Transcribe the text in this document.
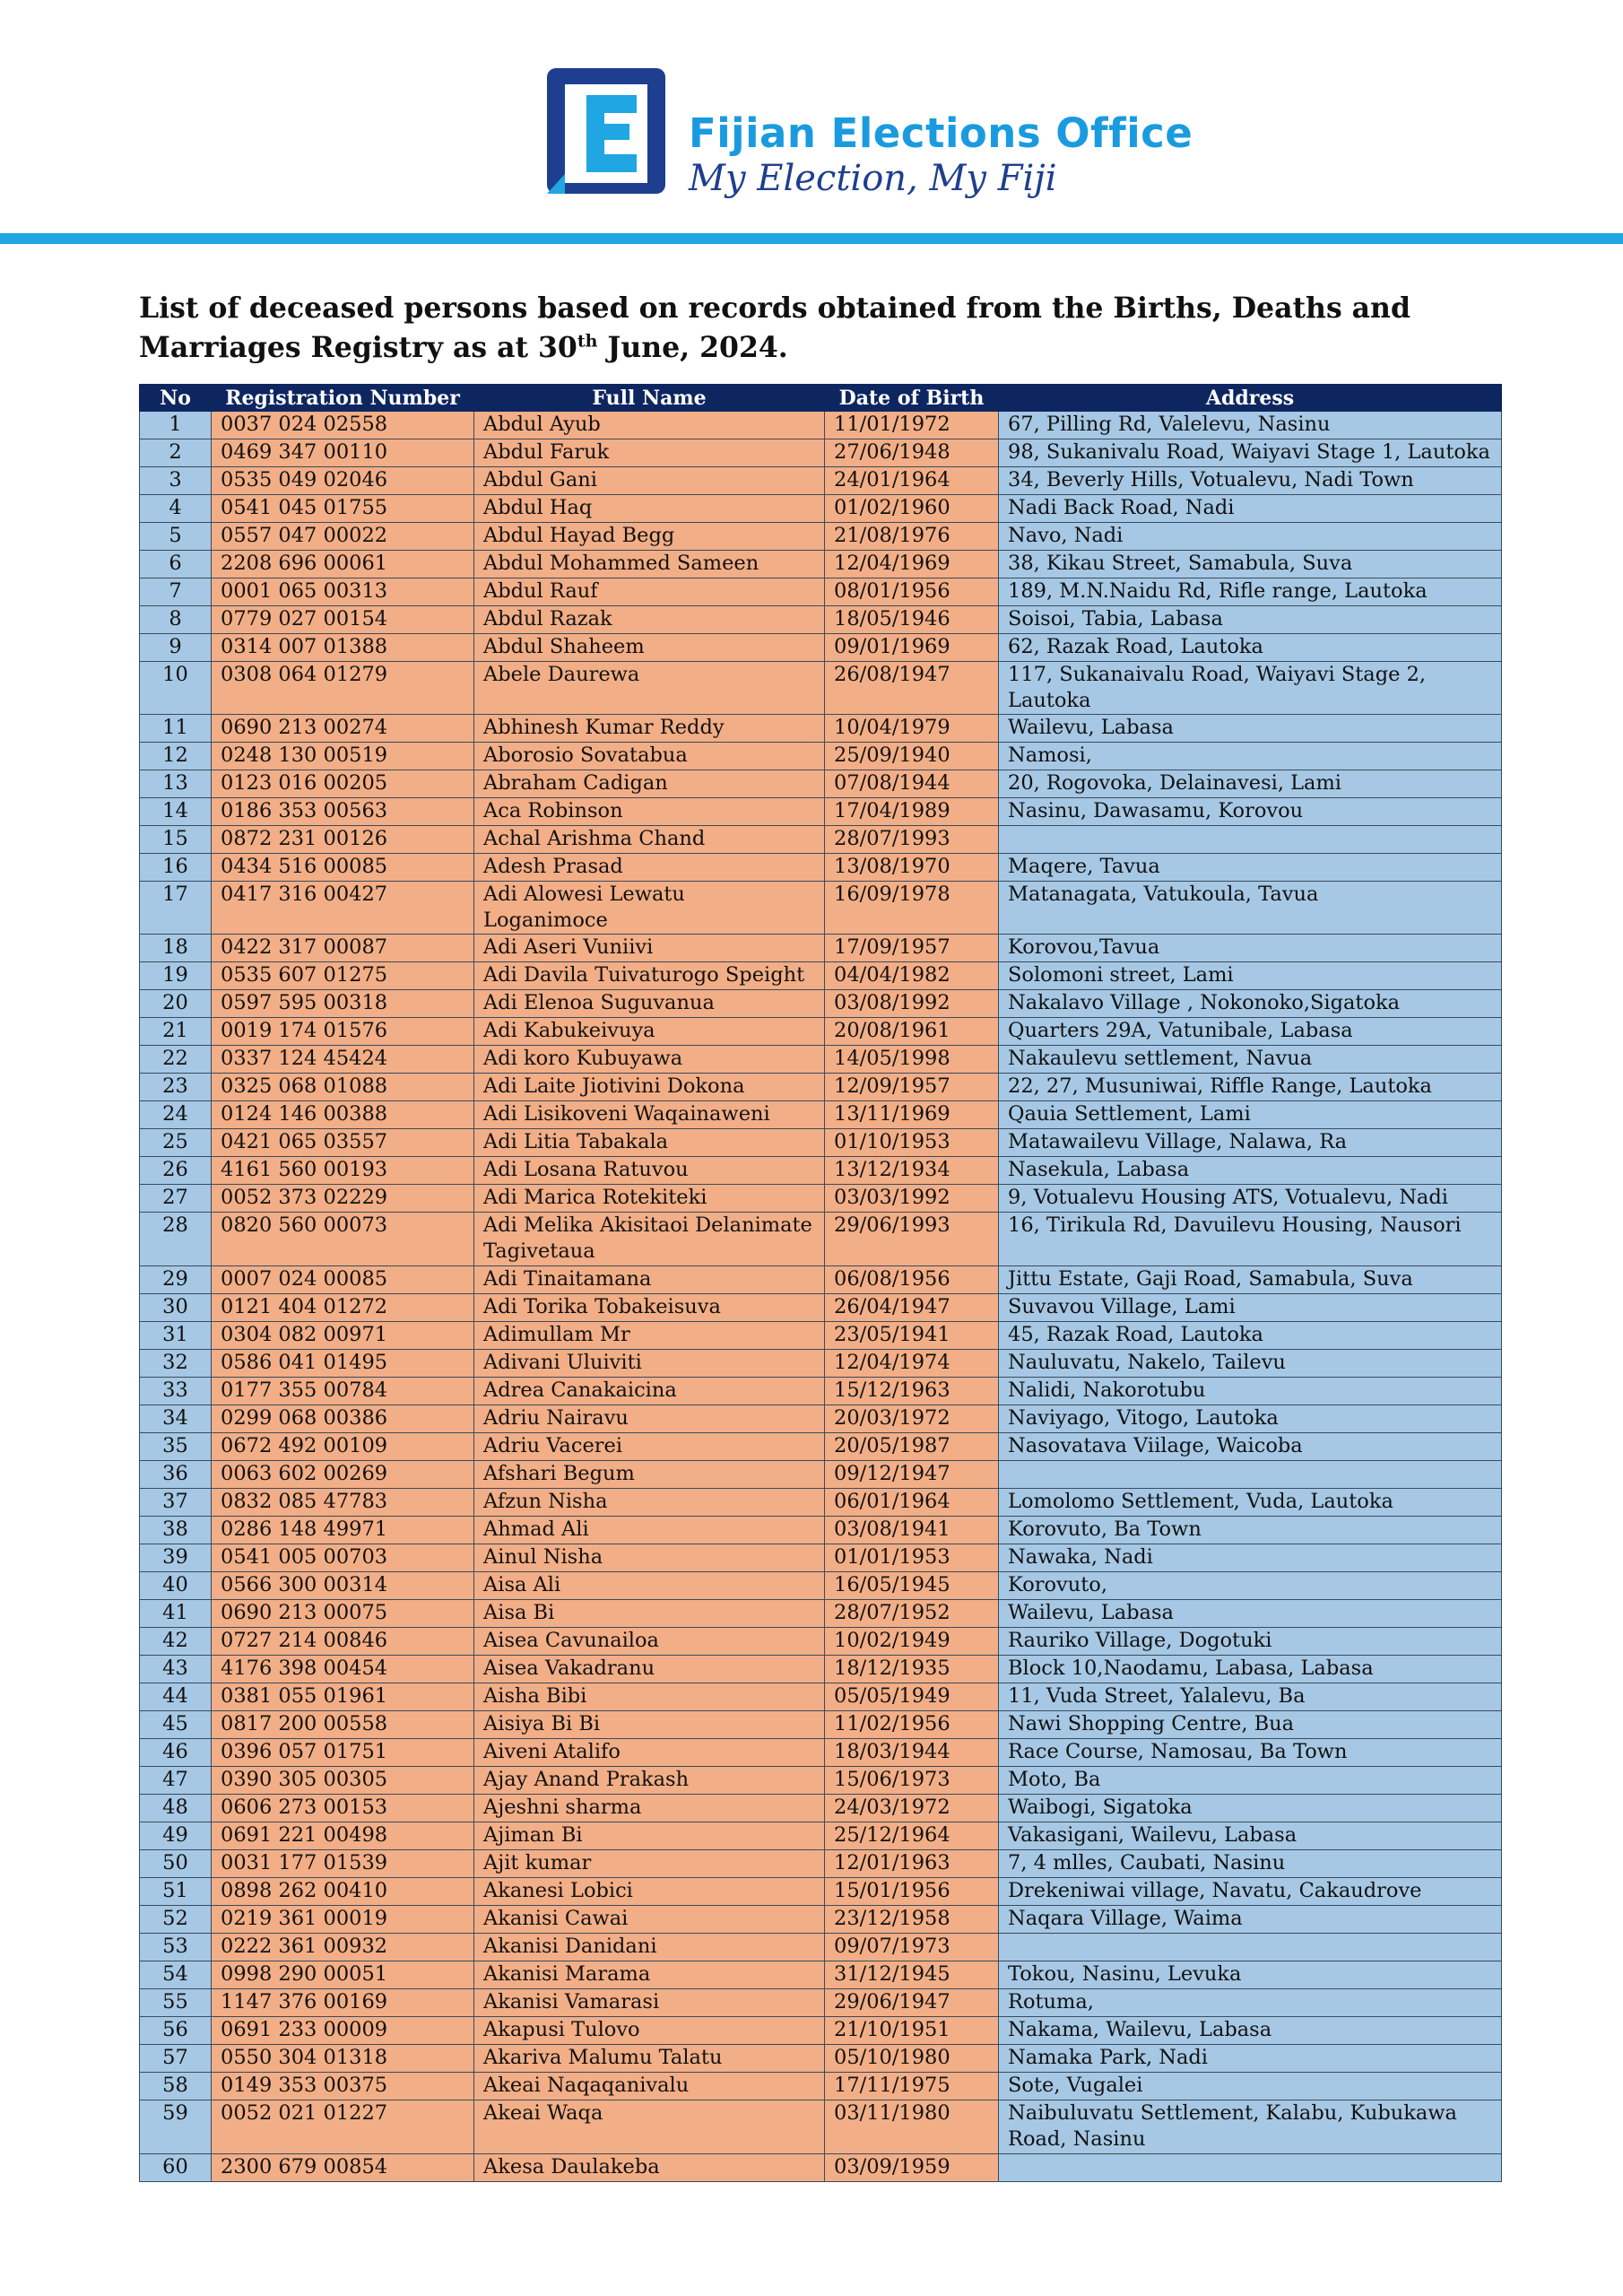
Fijian Elections Office
My Election, My Fiji
List of deceased persons based on records obtained from the Births, Deaths and Marriages Registry as at 30th June, 2024.
No	Registration Number	Full Name	Date of Birth	Address
1	0037 024 02558	Abdul Ayub	11/01/1972	67, Pilling Rd, Valelevu, Nasinu
2	0469 347 00110	Abdul Faruk	27/06/1948	98, Sukanivalu Road, Waiyavi Stage 1, Lautoka
3	0535 049 02046	Abdul Gani	24/01/1964	34, Beverly Hills, Votualevu, Nadi Town
4	0541 045 01755	Abdul Haq	01/02/1960	Nadi Back Road, Nadi
5	0557 047 00022	Abdul Hayad Begg	21/08/1976	Navo, Nadi
6	2208 696 00061	Abdul Mohammed Sameen	12/04/1969	38, Kikau Street, Samabula, Suva
7	0001 065 00313	Abdul Rauf	08/01/1956	189, M.N.Naidu Rd, Rifle range, Lautoka
8	0779 027 00154	Abdul Razak	18/05/1946	Soisoi, Tabia, Labasa
9	0314 007 01388	Abdul Shaheem	09/01/1969	62, Razak Road, Lautoka
10	0308 064 01279	Abele Daurewa	26/08/1947	117, Sukanaivalu Road, Waiyavi Stage 2, Lautoka
11	0690 213 00274	Abhinesh Kumar Reddy	10/04/1979	Wailevu, Labasa
12	0248 130 00519	Aborosio Sovatabua	25/09/1940	Namosi,
13	0123 016 00205	Abraham Cadigan	07/08/1944	20, Rogovoka, Delainavesi, Lami
14	0186 353 00563	Aca Robinson	17/04/1989	Nasinu, Dawasamu, Korovou
15	0872 231 00126	Achal Arishma Chand	28/07/1993	
16	0434 516 00085	Adesh Prasad	13/08/1970	Maqere, Tavua
17	0417 316 00427	Adi Alowesi Lewatu Loganimoce	16/09/1978	Matanagata, Vatukoula, Tavua
18	0422 317 00087	Adi Aseri Vuniivi	17/09/1957	Korovou,Tavua
19	0535 607 01275	Adi Davila Tuivaturogo Speight	04/04/1982	Solomoni street, Lami
20	0597 595 00318	Adi Elenoa Suguvanua	03/08/1992	Nakalavo Village , Nokonoko,Sigatoka
21	0019 174 01576	Adi Kabukeivuya	20/08/1961	Quarters 29A, Vatunibale, Labasa
22	0337 124 45424	Adi koro Kubuyawa	14/05/1998	Nakaulevu settlement, Navua
23	0325 068 01088	Adi Laite Jiotivini Dokona	12/09/1957	22, 27, Musuniwai, Riffle Range, Lautoka
24	0124 146 00388	Adi Lisikoveni Waqainaweni	13/11/1969	Qauia Settlement, Lami
25	0421 065 03557	Adi Litia Tabakala	01/10/1953	Matawailevu Village, Nalawa, Ra
26	4161 560 00193	Adi Losana Ratuvou	13/12/1934	Nasekula, Labasa
27	0052 373 02229	Adi Marica Rotekiteki	03/03/1992	9, Votualevu Housing ATS, Votualevu, Nadi
28	0820 560 00073	Adi Melika Akisitaoi Delanimate Tagivetaua	29/06/1993	16, Tirikula Rd, Davuilevu Housing, Nausori
29	0007 024 00085	Adi Tinaitamana	06/08/1956	Jittu Estate, Gaji Road, Samabula, Suva
30	0121 404 01272	Adi Torika Tobakeisuva	26/04/1947	Suvavou Village, Lami
31	0304 082 00971	Adimullam Mr	23/05/1941	45, Razak Road, Lautoka
32	0586 041 01495	Adivani Uluiviti	12/04/1974	Nauluvatu, Nakelo, Tailevu
33	0177 355 00784	Adrea Canakaicina	15/12/1963	Nalidi, Nakorotubu
34	0299 068 00386	Adriu Nairavu	20/03/1972	Naviyago, Vitogo, Lautoka
35	0672 492 00109	Adriu Vacerei	20/05/1987	Nasovatava Viilage, Waicoba
36	0063 602 00269	Afshari Begum	09/12/1947	
37	0832 085 47783	Afzun Nisha	06/01/1964	Lomolomo Settlement, Vuda, Lautoka
38	0286 148 49971	Ahmad Ali	03/08/1941	Korovuto, Ba Town
39	0541 005 00703	Ainul Nisha	01/01/1953	Nawaka, Nadi
40	0566 300 00314	Aisa Ali	16/05/1945	Korovuto,
41	0690 213 00075	Aisa Bi	28/07/1952	Wailevu, Labasa
42	0727 214 00846	Aisea Cavunailoa	10/02/1949	Rauriko Village, Dogotuki
43	4176 398 00454	Aisea Vakadranu	18/12/1935	Block 10,Naodamu, Labasa, Labasa
44	0381 055 01961	Aisha Bibi	05/05/1949	11, Vuda Street, Yalalevu, Ba
45	0817 200 00558	Aisiya Bi Bi	11/02/1956	Nawi Shopping Centre, Bua
46	0396 057 01751	Aiveni Atalifo	18/03/1944	Race Course, Namosau, Ba Town
47	0390 305 00305	Ajay Anand Prakash	15/06/1973	Moto, Ba
48	0606 273 00153	Ajeshni sharma	24/03/1972	Waibogi, Sigatoka
49	0691 221 00498	Ajiman Bi	25/12/1964	Vakasigani, Wailevu, Labasa
50	0031 177 01539	Ajit kumar	12/01/1963	7, 4 mlles, Caubati, Nasinu
51	0898 262 00410	Akanesi Lobici	15/01/1956	Drekeniwai village, Navatu, Cakaudrove
52	0219 361 00019	Akanisi Cawai	23/12/1958	Naqara Village, Waima
53	0222 361 00932	Akanisi Danidani	09/07/1973	
54	0998 290 00051	Akanisi Marama	31/12/1945	Tokou, Nasinu, Levuka
55	1147 376 00169	Akanisi Vamarasi	29/06/1947	Rotuma,
56	0691 233 00009	Akapusi Tulovo	21/10/1951	Nakama, Wailevu, Labasa
57	0550 304 01318	Akariva Malumu Talatu	05/10/1980	Namaka Park, Nadi
58	0149 353 00375	Akeai Naqaqanivalu	17/11/1975	Sote, Vugalei
59	0052 021 01227	Akeai Waqa	03/11/1980	Naibuluvatu Settlement, Kalabu, Kubukawa Road, Nasinu
60	2300 679 00854	Akesa Daulakeba	03/09/1959	
